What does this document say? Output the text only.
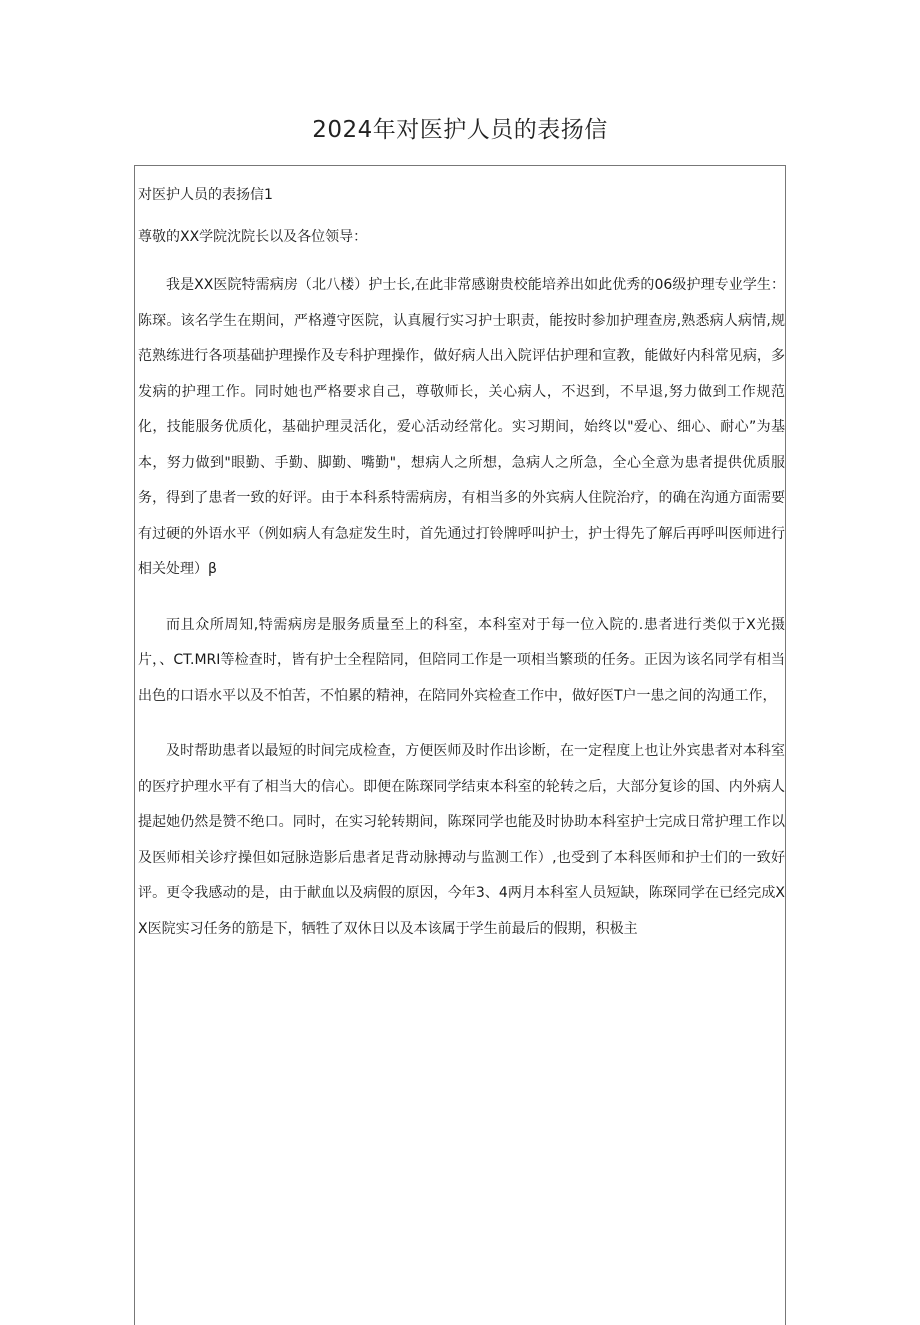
2024年对医护人员的表扬信

对医护人员的表扬信1

尊敬的XX学院沈院长以及各位领导：

我是XX医院特需病房（北八楼）护士长,在此非常感谢贵校能培养出如此优秀的06级护理专业学生：陈琛。该名学生在期间，严格遵守医院，认真履行实习护士职责，能按时参加护理查房,熟悉病人病情,规范熟练进行各项基础护理操作及专科护理操作，做好病人出入院评估护理和宣教，能做好内科常见病，多发病的护理工作。同时她也严格要求自己，尊敬师长，关心病人，不迟到，不早退,努力做到工作规范化，技能服务优质化，基础护理灵活化，爱心活动经常化。实习期间，始终以"爱心、细心、耐心”为基本，努力做到"眼勤、手勤、脚勤、嘴勤"，想病人之所想，急病人之所急，全心全意为患者提供优质服务，得到了患者一致的好评。由于本科系特需病房，有相当多的外宾病人住院治疗，的确在沟通方面需要有过硬的外语水平（例如病人有急症发生时，首先通过打铃牌呼叫护士，护士得先了解后再呼叫医师进行相关处理）β

而且众所周知,特需病房是服务质量至上的科室，本科室对于每一位入院的.患者进行类似于X光摄片，、CT.MRI等检查时，皆有护士全程陪同，但陪同工作是一项相当繁琐的任务。正因为该名同学有相当出色的口语水平以及不怕苦，不怕累的精神，在陪同外宾检查工作中，做好医T户一患之间的沟通工作，

及时帮助患者以最短的时间完成检查，方便医师及时作出诊断，在一定程度上也让外宾患者对本科室的医疗护理水平有了相当大的信心。即便在陈琛同学结束本科室的轮转之后，大部分复诊的国、内外病人提起她仍然是赞不绝口。同时，在实习轮转期间，陈琛同学也能及时协助本科室护士完成日常护理工作以及医师相关诊疗操但如冠脉造影后患者足背动脉搏动与监测工作）,也受到了本科医师和护士们的一致好评。更令我感动的是，由于献血以及病假的原因，今年3、4两月本科室人员短缺，陈琛同学在已经完成XX医院实习任务的筋是下，牺牲了双休日以及本该属于学生前最后的假期，积极主
